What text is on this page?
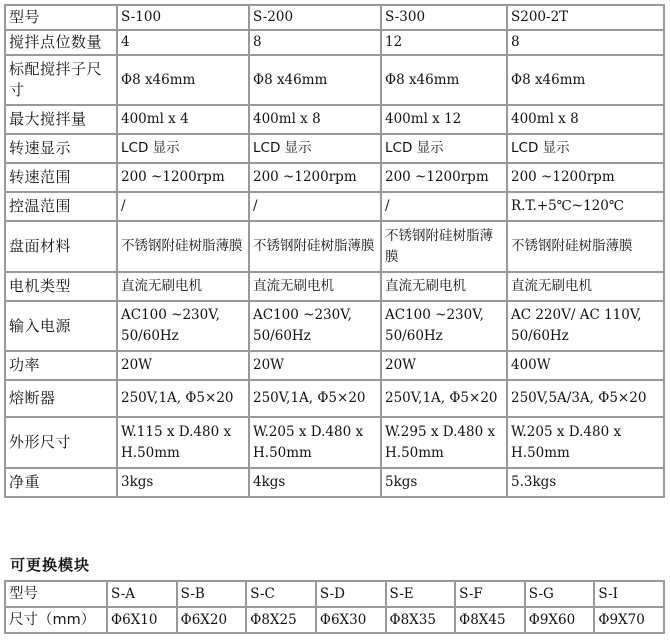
型号	S-100	S-200	S-300	S200-2T
搅拌点位数量	4	8	12	8
标配搅拌子尺寸	Φ8 x46mm	Φ8 x46mm	Φ8 x46mm	Φ8 x46mm
最大搅拌量	400ml x 4	400ml x 8	400ml x 12	400ml x 8
转速显示	LCD 显示	LCD 显示	LCD 显示	LCD 显示
转速范围	200 ~1200rpm	200 ~1200rpm	200 ~1200rpm	200 ~1200rpm
控温范围	/	/	/	R.T.+5℃~120℃
盘面材料	不锈钢附硅树脂薄膜	不锈钢附硅树脂薄膜	不锈钢附硅树脂薄膜	不锈钢附硅树脂薄膜
电机类型	直流无刷电机	直流无刷电机	直流无刷电机	直流无刷电机
输入电源	AC100 ~230V, 50/60Hz	AC100 ~230V, 50/60Hz	AC100 ~230V, 50/60Hz	AC 220V/ AC 110V, 50/60Hz
功率	20W	20W	20W	400W
熔断器	250V,1A, Φ5×20	250V,1A, Φ5×20	250V,1A, Φ5×20	250V,5A/3A, Φ5×20
外形尺寸	W.115 x D.480 x H.50mm	W.205 x D.480 x H.50mm	W.295 x D.480 x H.50mm	W.205 x D.480 x H.50mm
净重	3kgs	4kgs	5kgs	5.3kgs
可更换模块
型号	S-A	S-B	S-C	S-D	S-E	S-F	S-G	S-I
尺寸（mm）	Φ6X10	Φ6X20	Φ8X25	Φ6X30	Φ8X35	Φ8X45	Φ9X60	Φ9X70
